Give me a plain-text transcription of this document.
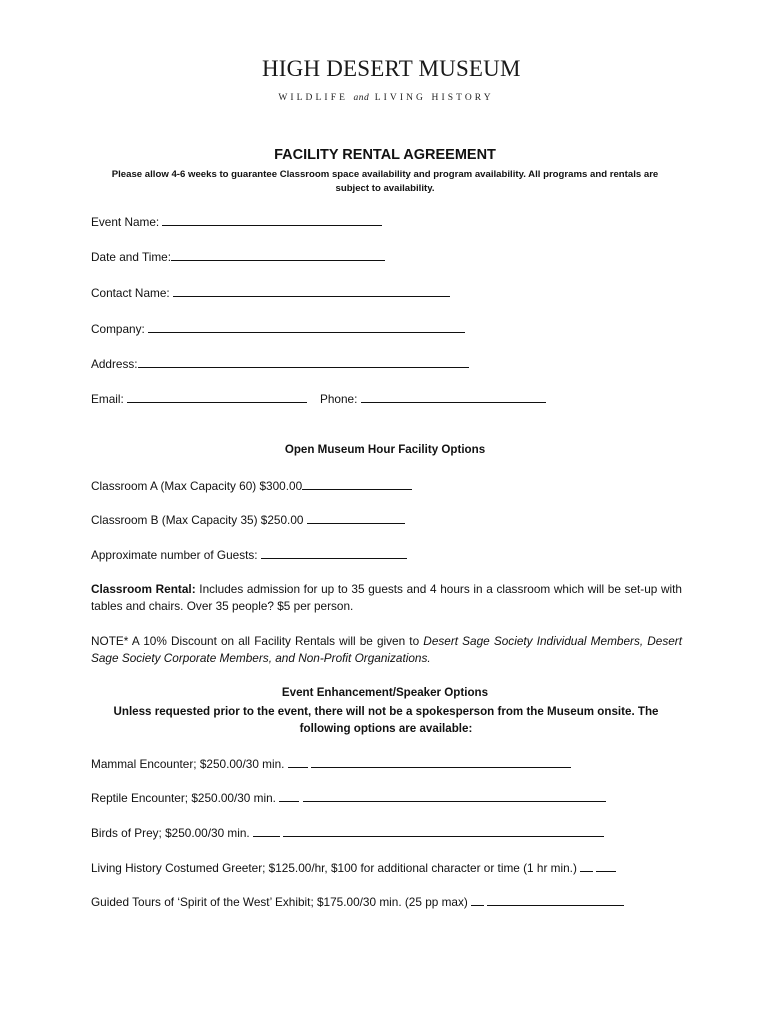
HIGH DESERT MUSEUM
WILDLIFE and LIVING HISTORY
FACILITY RENTAL AGREEMENT
Please allow 4-6 weeks to guarantee Classroom space availability and program availability. All programs and rentals are subject to availability.
Event Name:
Date and Time:
Contact Name:
Company:
Address:
Email:	Phone:
Open Museum Hour Facility Options
Classroom A (Max Capacity 60) $300.00
Classroom B (Max Capacity 35) $250.00
Approximate number of Guests:
Classroom Rental: Includes admission for up to 35 guests and 4 hours in a classroom which will be set-up with tables and chairs. Over 35 people? $5 per person.
NOTE* A 10% Discount on all Facility Rentals will be given to Desert Sage Society Individual Members, Desert Sage Society Corporate Members, and Non-Profit Organizations.
Event Enhancement/Speaker Options
Unless requested prior to the event, there will not be a spokesperson from the Museum onsite. The following options are available:
Mammal Encounter; $250.00/30 min.
Reptile Encounter; $250.00/30 min.
Birds of Prey; $250.00/30 min.
Living History Costumed Greeter; $125.00/hr, $100 for additional character or time (1 hr min.)
Guided Tours of ‘Spirit of the West’ Exhibit; $175.00/30 min. (25 pp max)
